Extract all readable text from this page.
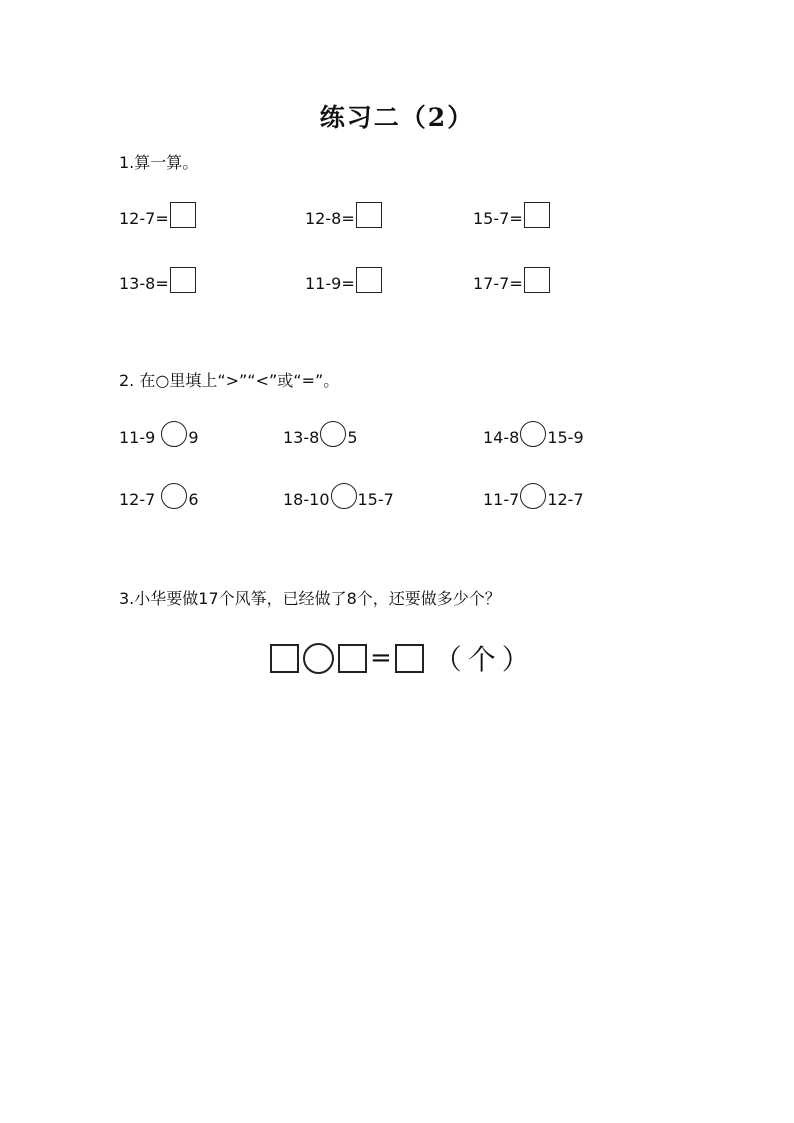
练习二（2）
1.算一算。
12-7=	12-8=	15-7=
13-8=	11-9=	17-7=
2. 在○里填上“>”“<”或“=”。
11-9 9	13-8 5	14-8 15-9
12-7 6	18-10 15-7	11-7 12-7
3.小华要做17个风筝，已经做了8个，还要做多少个？
= （个）
